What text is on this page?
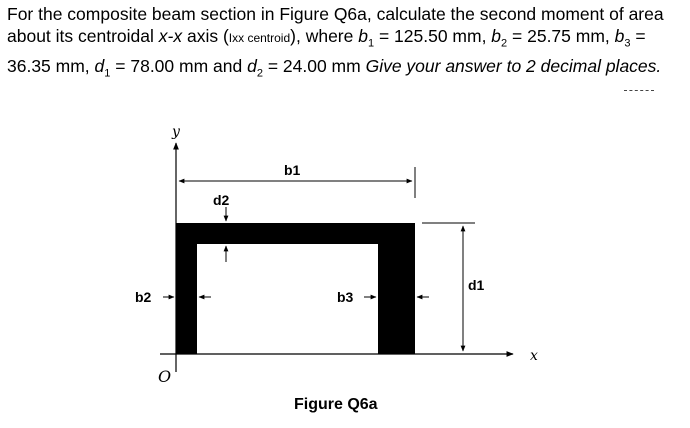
For the composite beam section in Figure Q6a, calculate the second moment of area about its centroidal x-x axis (Ixx centroid), where $b_1 = 125.50$ mm, $b_2 = 25.75$ mm, $b_3 = 36.35$ mm, $d_1 = 78.00$ mm and $d_2 = 24.00$ mm Give your answer to 2 decimal places.
y
x
O
b1
d2
b2	b3
d1
Figure Q6a
